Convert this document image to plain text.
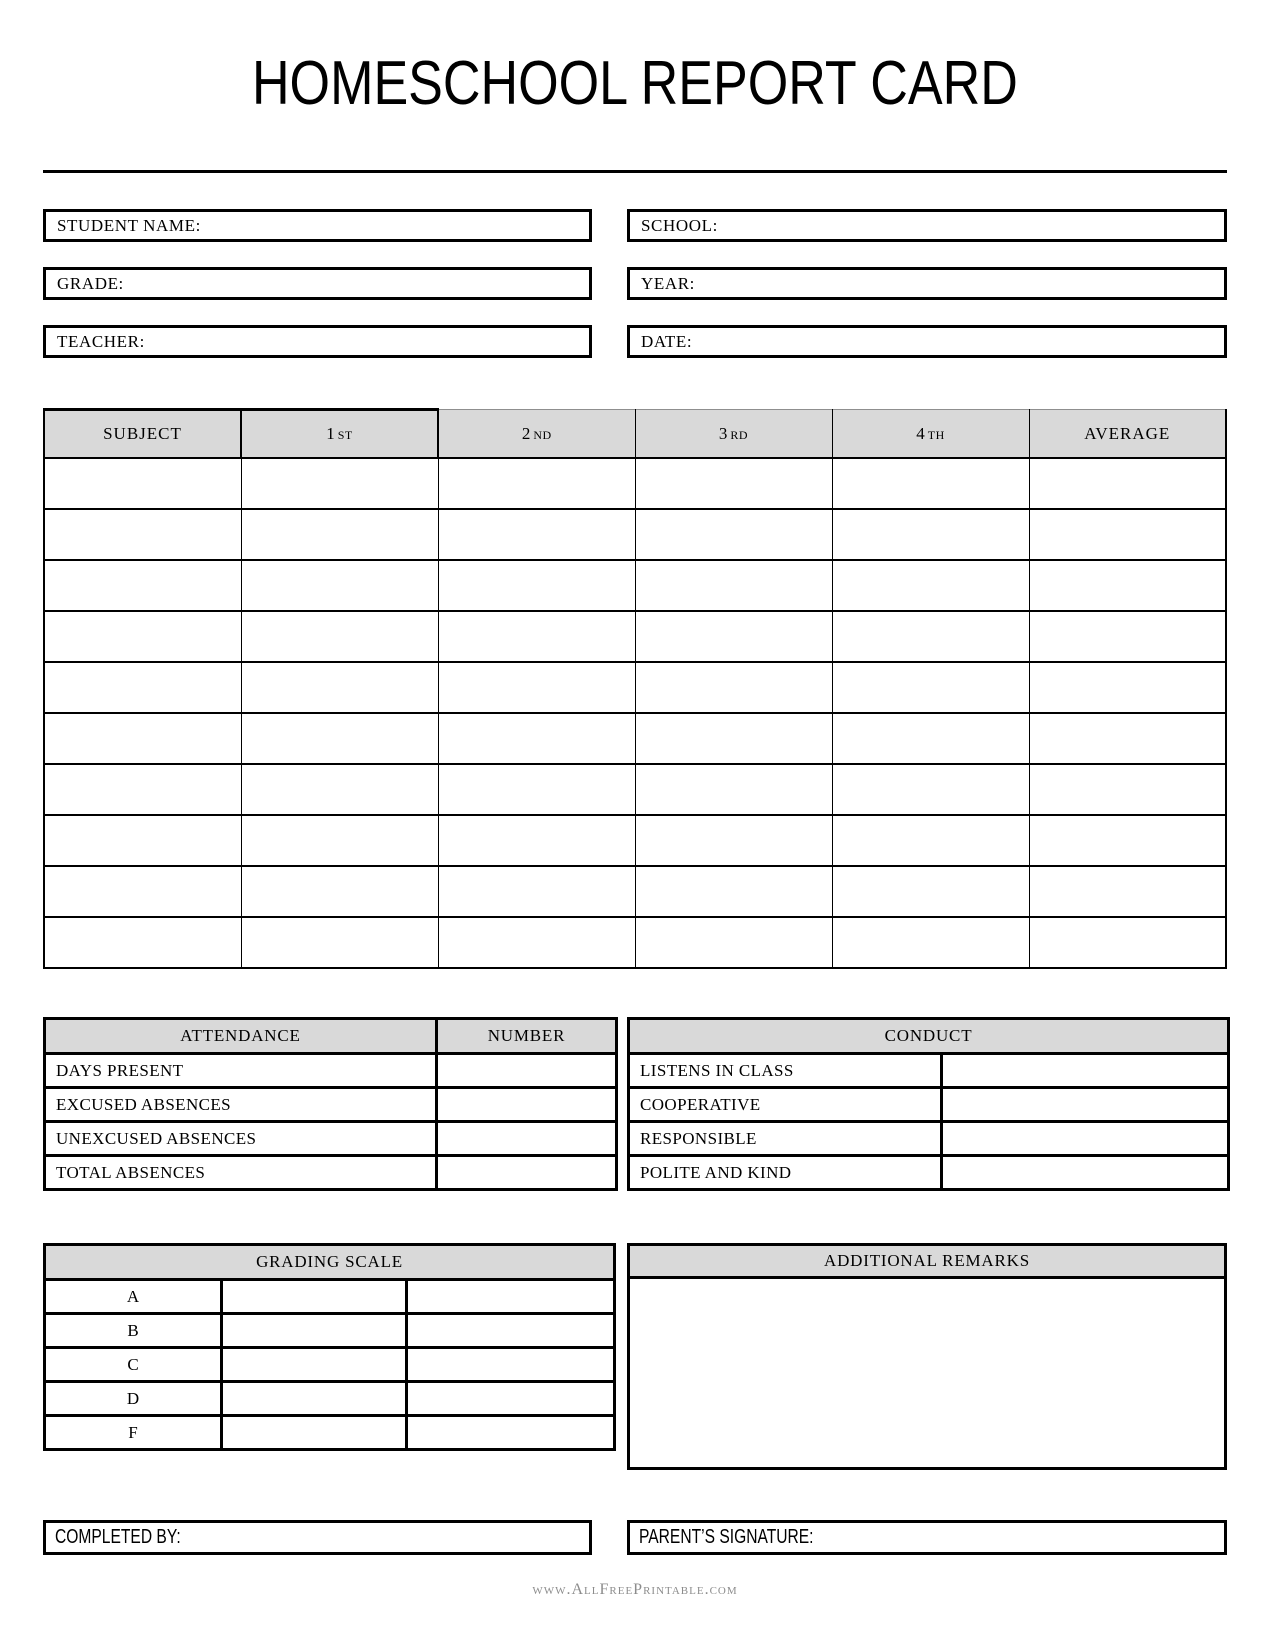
HOMESCHOOL REPORT CARD
STUDENT NAME:	SCHOOL:
GRADE:	YEAR:
TEACHER:	DATE:
SUBJECT	1 ST	2 ND	3 RD	4 TH	AVERAGE

ATTENDANCE	NUMBER
DAYS PRESENT	
EXCUSED ABSENCES	
UNEXCUSED ABSENCES	
TOTAL ABSENCES	
CONDUCT	
LISTENS IN CLASS	
COOPERATIVE	
RESPONSIBLE	
POLITE AND KIND	
GRADING SCALE		
A		
B		
C		
D		
F		
ADDITIONAL REMARKS
COMPLETED BY:	PARENT’S SIGNATURE:
www.AllFreePrintable.com
